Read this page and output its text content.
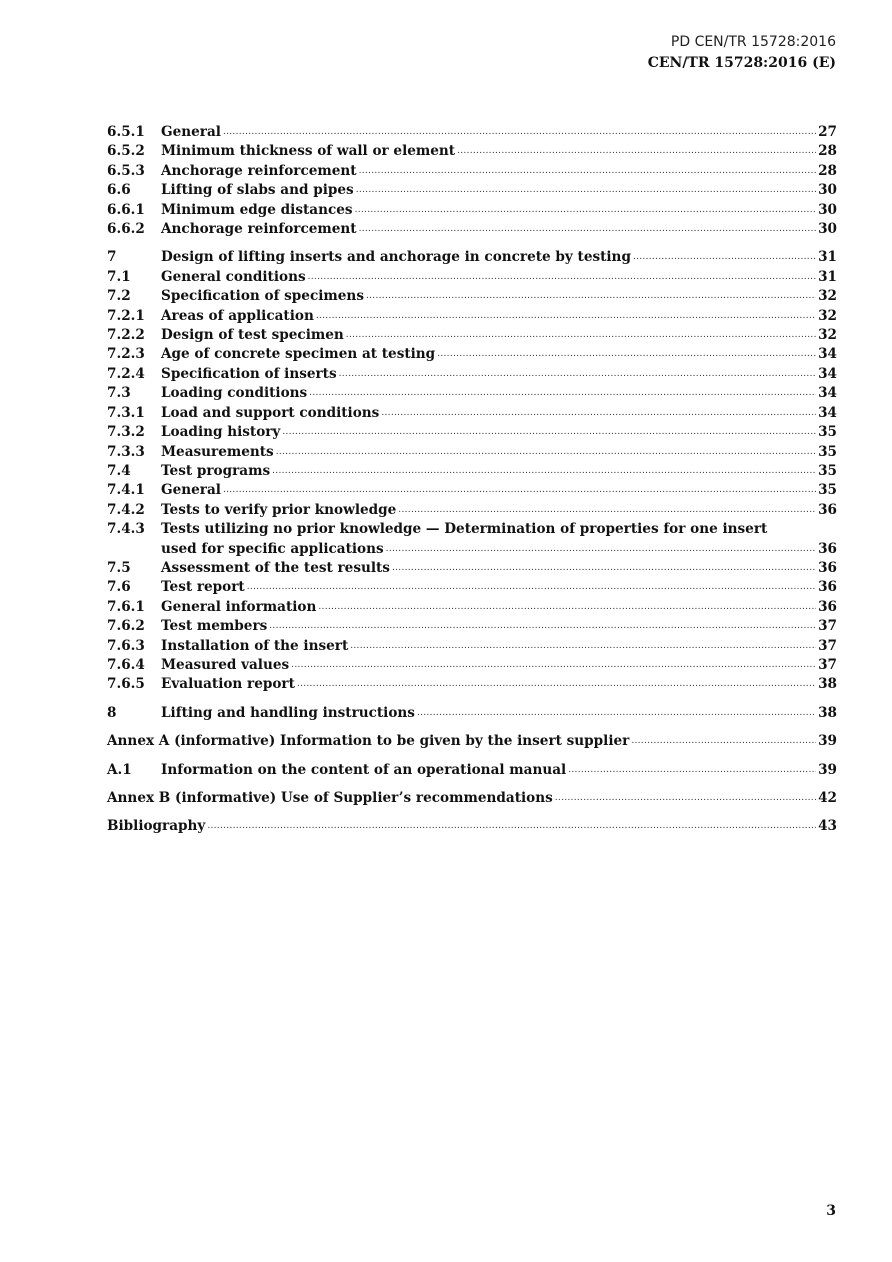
PD CEN/TR 15728:2016
CEN/TR 15728:2016 (E)
6.5.1	General .....	27
6.5.2	Minimum thickness of wall or element .....	28
6.5.3	Anchorage reinforcement .....	28
6.6	Lifting of slabs and pipes .....	30
6.6.1	Minimum edge distances .....	30
6.6.2	Anchorage reinforcement .....	30
7	Design of lifting inserts and anchorage in concrete by testing .....	31
7.1	General conditions .....	31
7.2	Specification of specimens .....	32
7.2.1	Areas of application .....	32
7.2.2	Design of test specimen .....	32
7.2.3	Age of concrete specimen at testing .....	34
7.2.4	Specification of inserts .....	34
7.3	Loading conditions .....	34
7.3.1	Load and support conditions .....	34
7.3.2	Loading history .....	35
7.3.3	Measurements .....	35
7.4	Test programs .....	35
7.4.1	General .....	35
7.4.2	Tests to verify prior knowledge .....	36
7.4.3	Tests utilizing no prior knowledge — Determination of properties for one insert
used for specific applications .....	36
7.5	Assessment of the test results .....	36
7.6	Test report .....	36
7.6.1	General information .....	36
7.6.2	Test members .....	37
7.6.3	Installation of the insert .....	37
7.6.4	Measured values .....	37
7.6.5	Evaluation report .....	38
8	Lifting and handling instructions .....	38
Annex A (informative) Information to be given by the insert supplier .....	39
A.1	Information on the content of an operational manual .....	39
Annex B (informative) Use of Supplier’s recommendations .....	42
Bibliography .....	43
3
